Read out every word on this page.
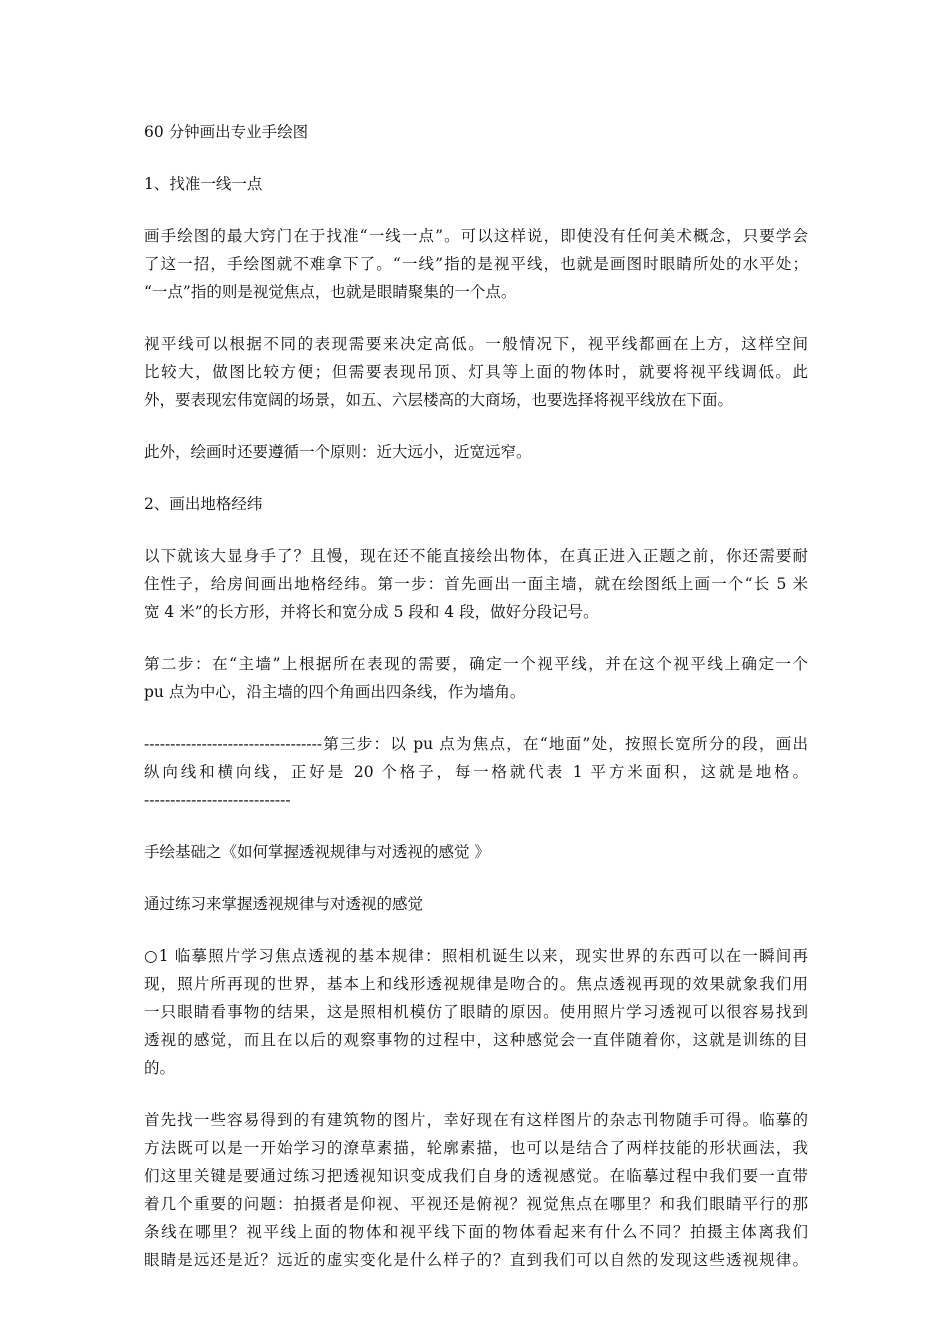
60 分钟画出专业手绘图
1、找准一线一点
画手绘图的最大窍门在于找准“一线一点”。可以这样说，即使没有任何美术概念，只要学会
了这一招，手绘图就不难拿下了。“一线”指的是视平线，也就是画图时眼睛所处的水平处；
“一点”指的则是视觉焦点，也就是眼睛聚集的一个点。
视平线可以根据不同的表现需要来决定高低。一般情况下，视平线都画在上方，这样空间
比较大，做图比较方便；但需要表现吊顶、灯具等上面的物体时，就要将视平线调低。此
外，要表现宏伟宽阔的场景，如五、六层楼高的大商场，也要选择将视平线放在下面。
此外，绘画时还要遵循一个原则：近大远小，近宽远窄。
2、画出地格经纬
以下就该大显身手了？且慢，现在还不能直接绘出物体，在真正进入正题之前，你还需要耐
住性子，给房间画出地格经纬。第一步：首先画出一面主墙，就在绘图纸上画一个“长 5 米
宽 4 米”的长方形，并将长和宽分成 5 段和 4 段，做好分段记号。
第二步：在“主墙”上根据所在表现的需要，确定一个视平线，并在这个视平线上确定一个
pu 点为中心，沿主墙的四个角画出四条线，作为墙角。
----------------------------------第三步：以 pu 点为焦点，在“地面”处，按照长宽所分的段，画出
纵向线和横向线，正好是 20 个格子，每一格就代表 1 平方米面积，这就是地格。
----------------------------
手绘基础之《如何掌握透视规律与对透视的感觉 》
通过练习来掌握透视规律与对透视的感觉
○1 临摹照片学习焦点透视的基本规律：照相机诞生以来，现实世界的东西可以在一瞬间再
现，照片所再现的世界，基本上和线形透视规律是吻合的。焦点透视再现的效果就象我们用
一只眼睛看事物的结果，这是照相机模仿了眼睛的原因。使用照片学习透视可以很容易找到
透视的感觉，而且在以后的观察事物的过程中，这种感觉会一直伴随着你，这就是训练的目
的。
首先找一些容易得到的有建筑物的图片，幸好现在有这样图片的杂志刊物随手可得。临摹的
方法既可以是一开始学习的潦草素描，轮廓素描，也可以是结合了两样技能的形状画法，我
们这里关键是要通过练习把透视知识变成我们自身的透视感觉。在临摹过程中我们要一直带
着几个重要的问题：拍摄者是仰视、平视还是俯视？视觉焦点在哪里？和我们眼睛平行的那
条线在哪里？视平线上面的物体和视平线下面的物体看起来有什么不同？拍摄主体离我们
眼睛是远还是近？远近的虚实变化是什么样子的？直到我们可以自然的发现这些透视规律。
